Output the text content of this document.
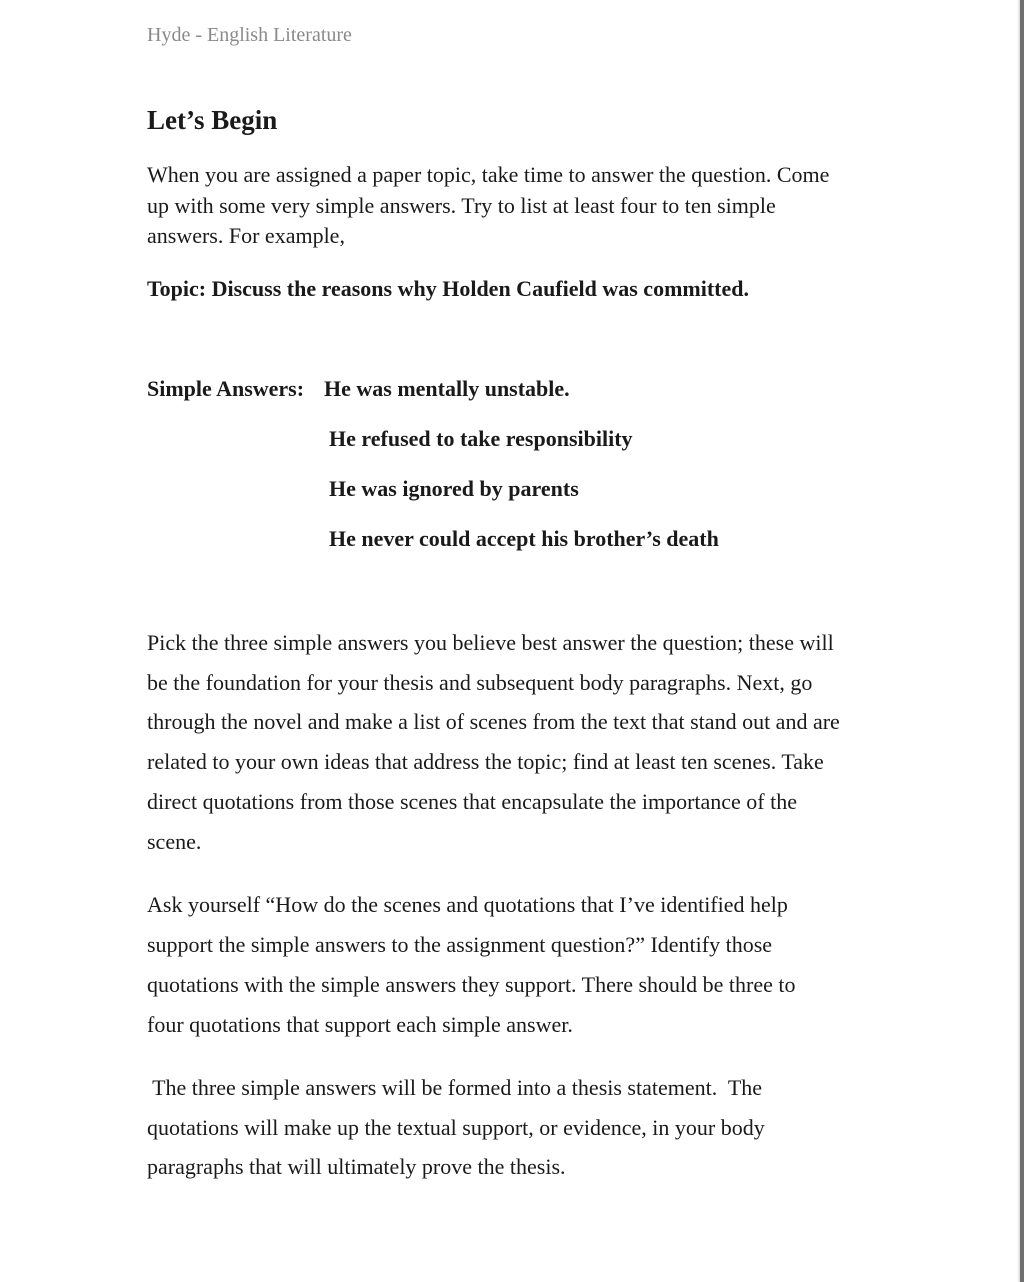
Hyde - English Literature
Let’s Begin
When you are assigned a paper topic, take time to answer the question. Come
up with some very simple answers. Try to list at least four to ten simple
answers. For example,
Topic: Discuss the reasons why Holden Caufield was committed.
Simple Answers: He was mentally unstable.
He refused to take responsibility
He was ignored by parents
He never could accept his brother’s death
Pick the three simple answers you believe best answer the question; these will
be the foundation for your thesis and subsequent body paragraphs. Next, go
through the novel and make a list of scenes from the text that stand out and are
related to your own ideas that address the topic; find at least ten scenes. Take
direct quotations from those scenes that encapsulate the importance of the
scene.
Ask yourself “How do the scenes and quotations that I’ve identified help
support the simple answers to the assignment question?” Identify those
quotations with the simple answers they support. There should be three to
four quotations that support each simple answer.
The three simple answers will be formed into a thesis statement.  The
quotations will make up the textual support, or evidence, in your body
paragraphs that will ultimately prove the thesis.
